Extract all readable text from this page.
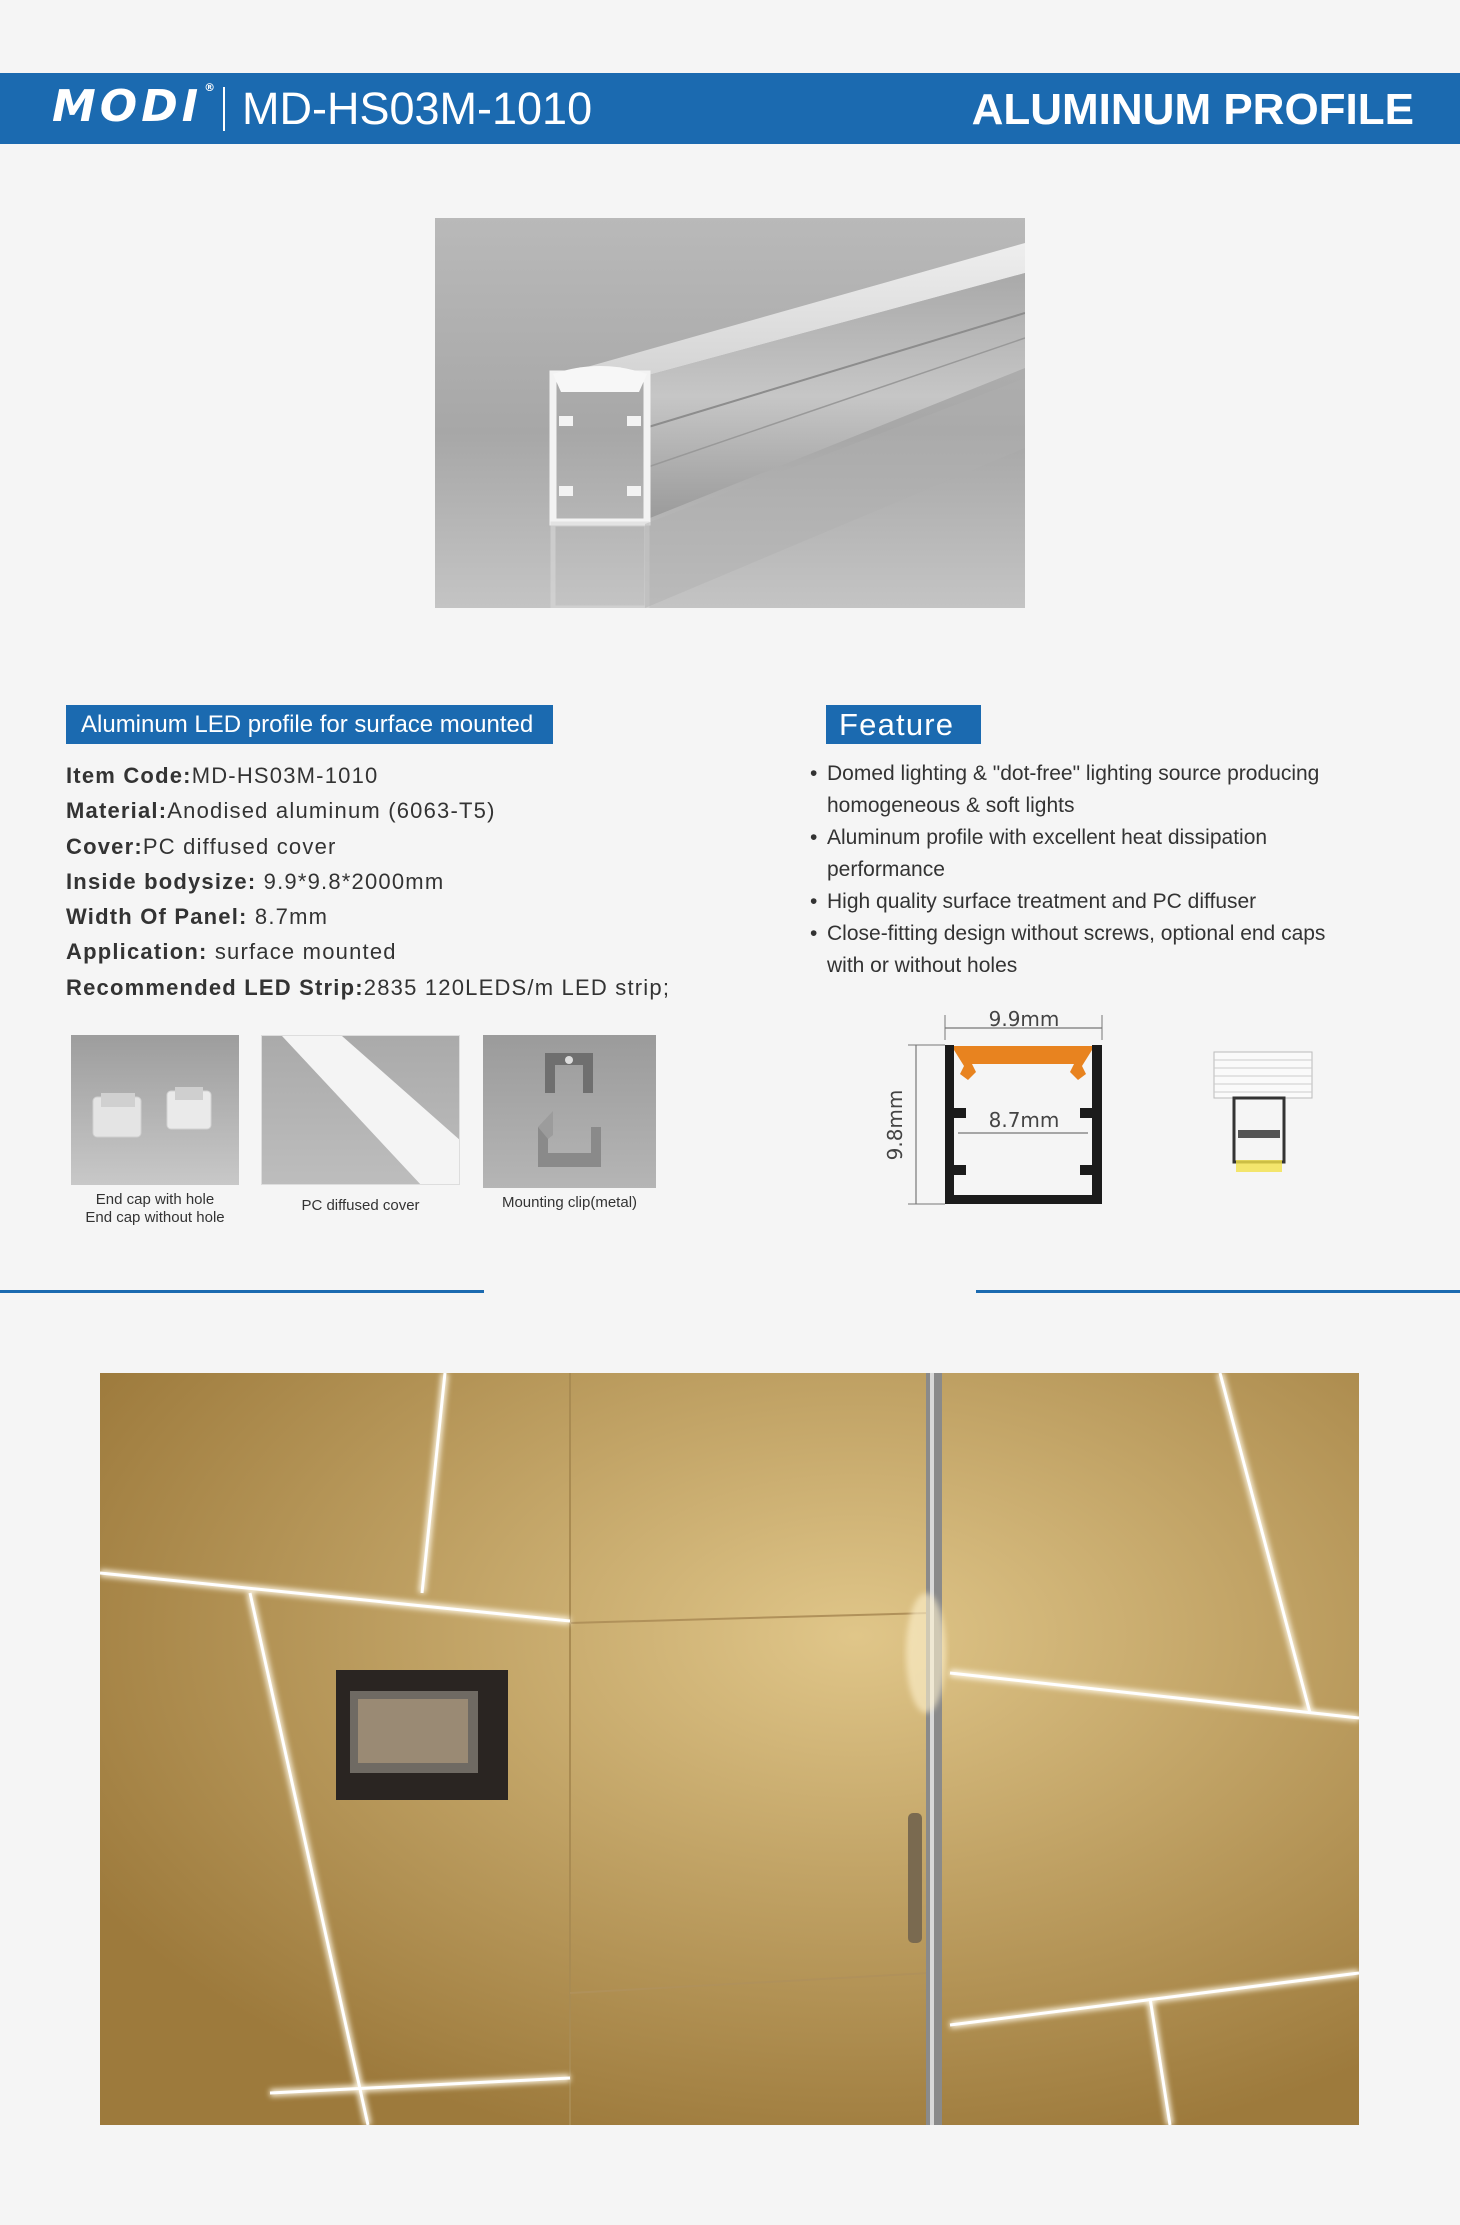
MODI ® MD-HS03M-1010	ALUMINUM PROFILE
Aluminum LED profile for surface mounted
Item Code:MD-HS03M-1010
Material:Anodised aluminum (6063-T5)
Cover:PC diffused cover
Inside bodysize: 9.9*9.8*2000mm
Width Of Panel: 8.7mm
Application: surface mounted
Recommended LED Strip:2835 120LEDS/m LED strip;
Feature
• Domed lighting & "dot-free" lighting source producing homogeneous & soft lights
• Aluminum profile with excellent heat dissipation performance
• High quality surface treatment and PC diffuser
• Close-fitting design without screws, optional end caps with or without holes
End cap with hole
End cap without hole
PC diffused cover	Mounting clip(metal)
9.9mm
9.8mm	8.7mm
